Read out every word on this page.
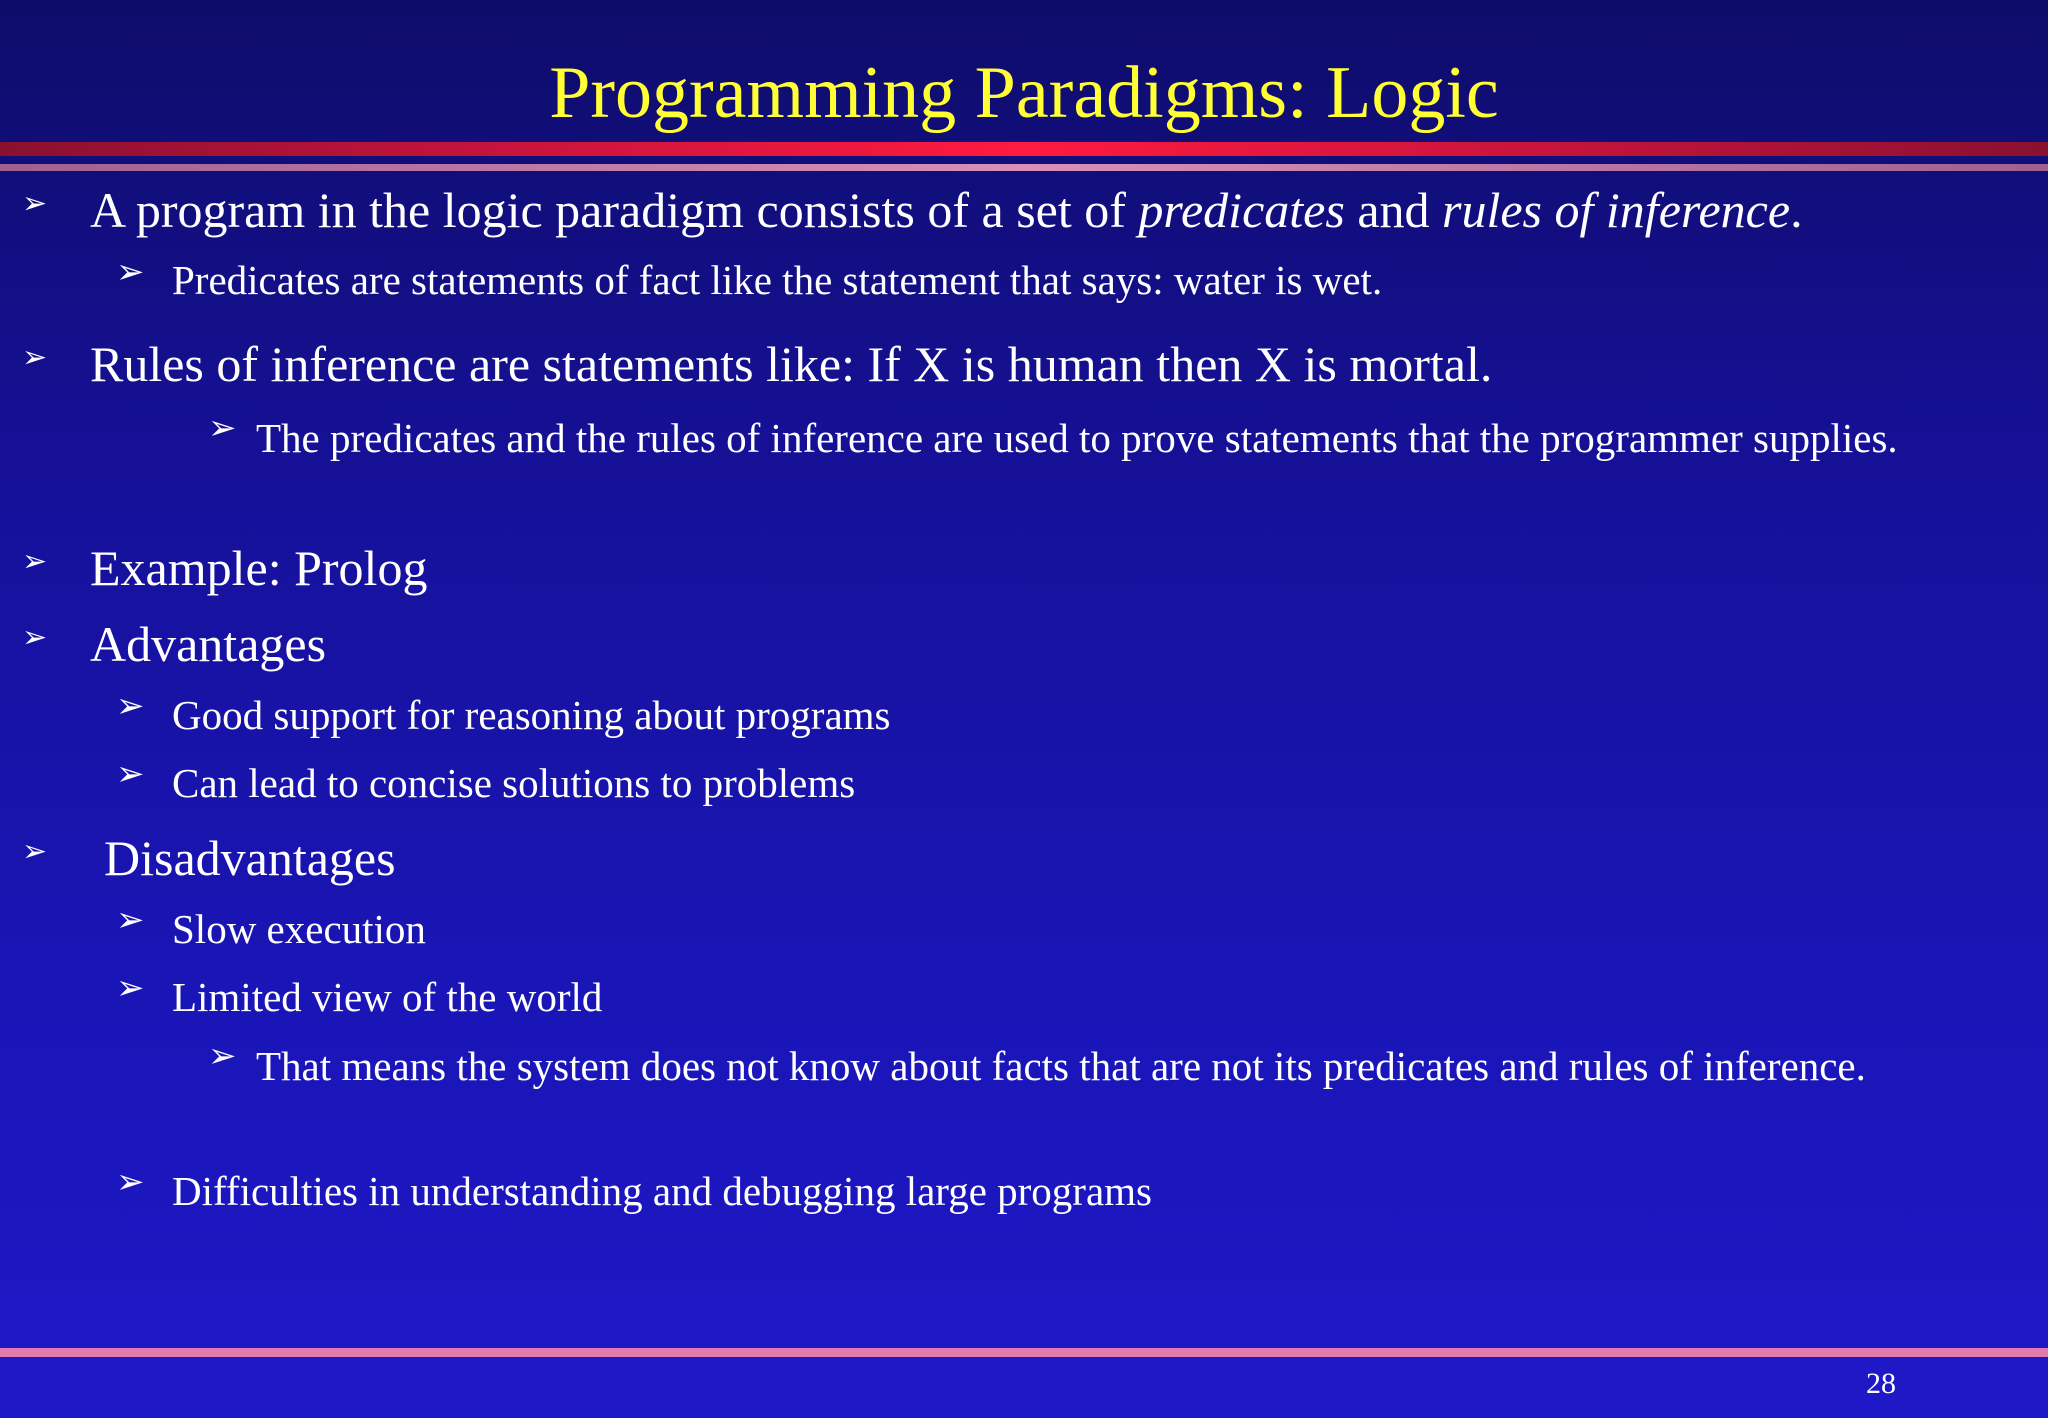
Programming Paradigms: Logic
➢ A program in the logic paradigm consists of a set of predicates and rules of inference.
➢ Predicates are statements of fact like the statement that says: water is wet.
➢ Rules of inference are statements like: If X is human then X is mortal.
➢ The predicates and the rules of inference are used to prove statements that the programmer supplies.
➢ Example: Prolog
➢ Advantages
➢ Good support for reasoning about programs
➢ Can lead to concise solutions to problems
➢ Disadvantages
➢ Slow execution
➢ Limited view of the world
➢ That means the system does not know about facts that are not its predicates and rules of inference.
➢ Difficulties in understanding and debugging large programs
28
